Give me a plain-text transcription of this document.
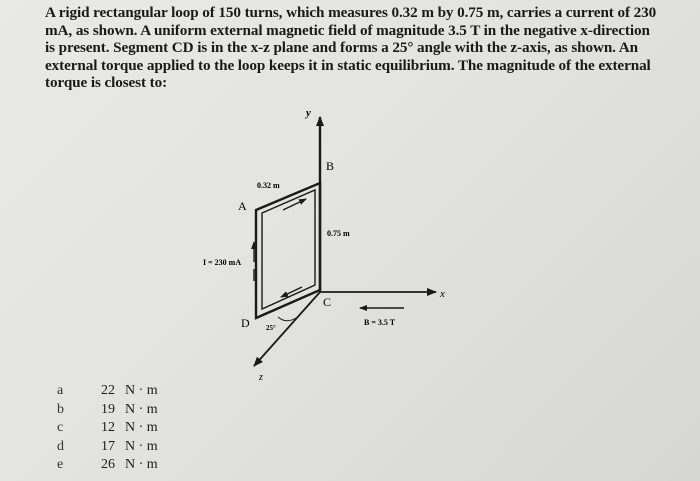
A rigid rectangular loop of 150 turns, which measures 0.32 m by 0.75 m, carries a current of 230
mA, as shown. A uniform external magnetic field of magnitude 3.5 T in the negative x-direction
is present. Segment CD is in the x-z plane and forms a 25° angle with the z-axis, as shown. An
external torque applied to the loop keeps it in static equilibrium. The magnitude of the external
torque is closest to:
y
x
z
I = 230 mA
0.32 m
0.75 m
A
B
C
D 25°
B = 3.5 T
a	22 N · m
b	19 N · m
c	12 N · m
d	17 N · m
e	26 N · m
